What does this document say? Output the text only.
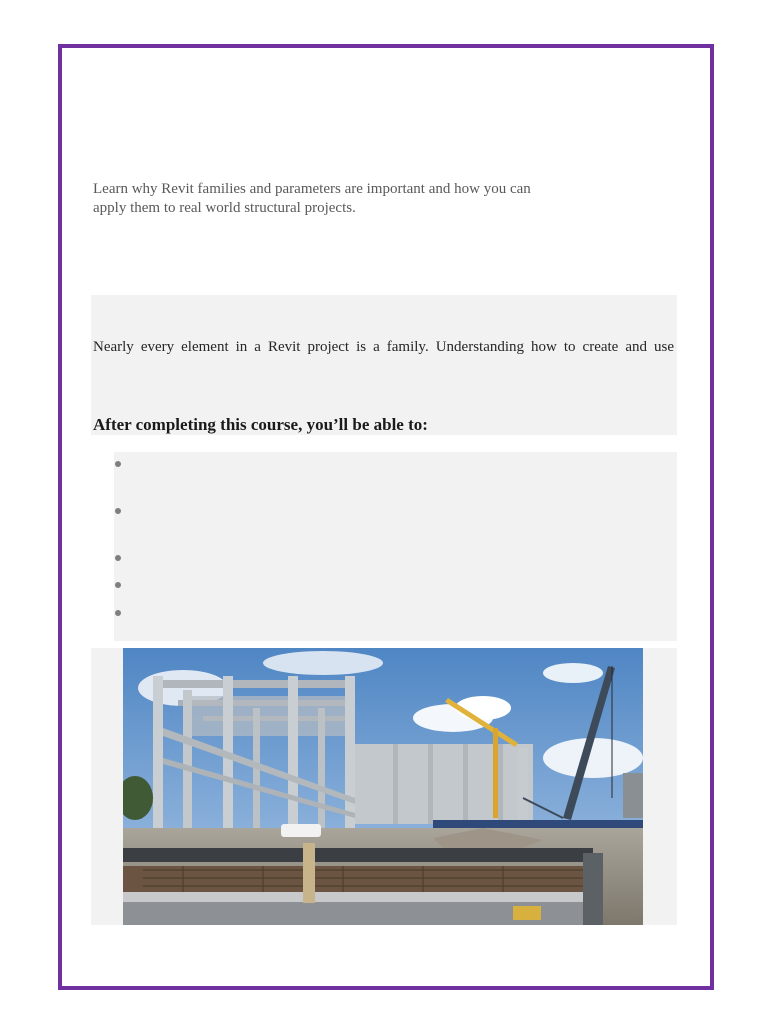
Learn why Revit families and parameters are important and how you can
apply them to real world structural projects.

Nearly every element in a Revit project is a family. Understanding how to create and use

After completing this course, you’ll be able to:
